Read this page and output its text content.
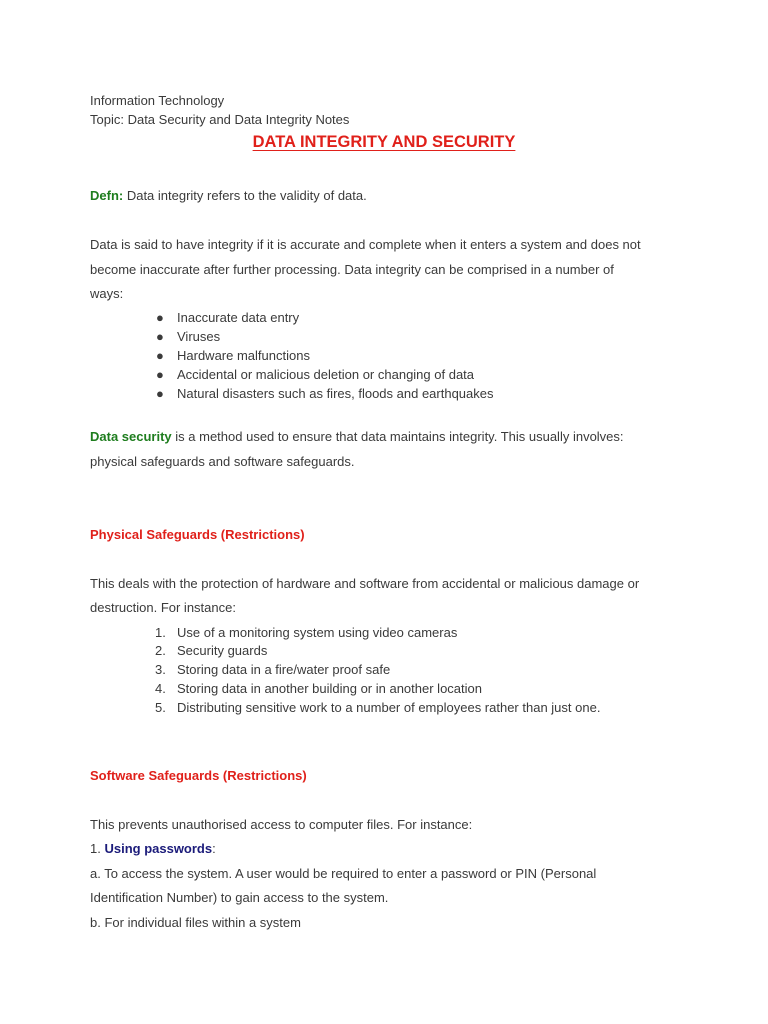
Information Technology
Topic: Data Security and Data Integrity Notes
DATA INTEGRITY AND SECURITY
Defn: Data integrity refers to the validity of data.
Data is said to have integrity if it is accurate and complete when it enters a system and does not
become inaccurate after further processing. Data integrity can be comprised in a number of
ways:
● Inaccurate data entry
● Viruses
● Hardware malfunctions
● Accidental or malicious deletion or changing of data
● Natural disasters such as fires, floods and earthquakes
Data security is a method used to ensure that data maintains integrity. This usually involves:
physical safeguards and software safeguards.
Physical Safeguards (Restrictions)
This deals with the protection of hardware and software from accidental or malicious damage or
destruction. For instance:
1. Use of a monitoring system using video cameras
2. Security guards
3. Storing data in a fire/water proof safe
4. Storing data in another building or in another location
5. Distributing sensitive work to a number of employees rather than just one.
Software Safeguards (Restrictions)
This prevents unauthorised access to computer files. For instance:
1. Using passwords:
a. To access the system. A user would be required to enter a password or PIN (Personal
Identification Number) to gain access to the system.
b. For individual files within a system
